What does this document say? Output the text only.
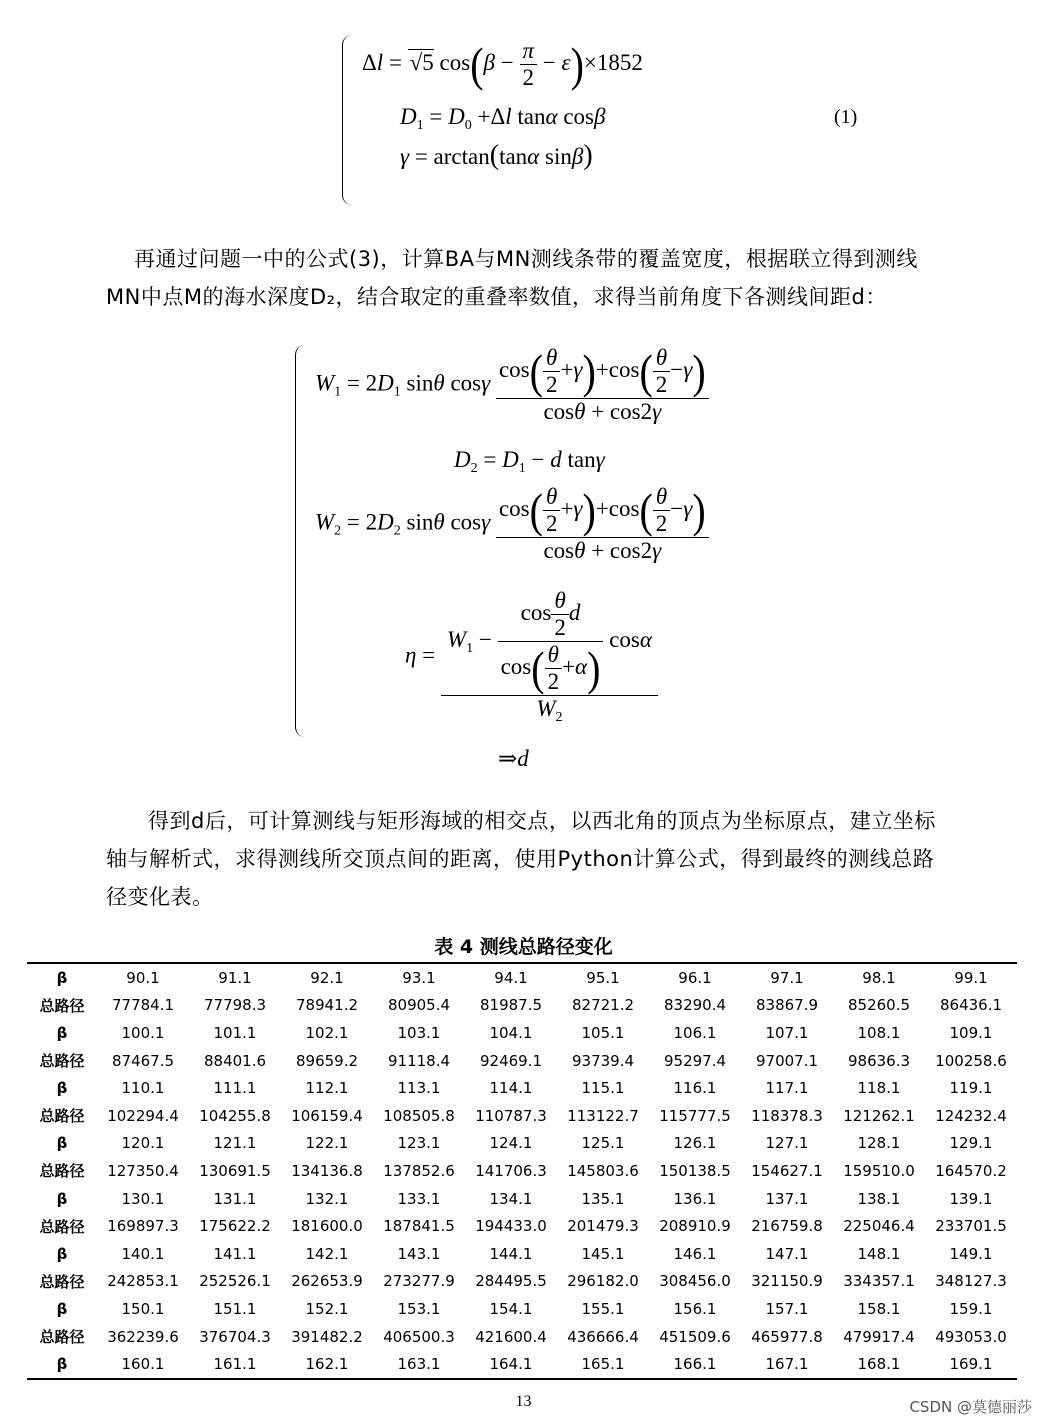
Δl = √5 $\cos(\beta - \frac{\pi}{2} - \varepsilon)\times 1852$
$D_1 = D_0 +\Delta l$ tanα cosβ
γ = arctan(tanα sinβ)
(1)
再通过问题一中的公式(3)，计算BA与MN测线条带的覆盖宽度，根据联立得到测线MN中点M的海水深度D₂，结合取定的重叠率数值，求得当前角度下各测线间距d：
$W_1 = 2D_1$ sinθ cosγ $\frac{\cos( \frac{\theta}{2} +\gamma)+\cos( \frac{\theta}{2} -\gamma)}{\cos\theta + \cos 2\gamma}$
$D_2 = D_1 - d$ tanγ
$W_2 = 2D_2$ sinθ cosγ $\frac{\cos( \frac{\theta}{2} +\gamma)+\cos( \frac{\theta}{2} -\gamma)}{\cos\theta + \cos 2\gamma}$
$\eta = \frac{W_1 - \frac{\cos \frac{\theta}{2} d}{\cos( \frac{\theta}{2} +\alpha)} \cos\alpha}{W_2}$
⇒d
得到d后，可计算测线与矩形海域的相交点，以西北角的顶点为坐标原点，建立坐标轴与解析式，求得测线所交顶点间的距离，使用Python计算公式，得到最终的测线总路径变化表。
表 4 测线总路径变化
β	90.1	91.1	92.1	93.1	94.1	95.1	96.1	97.1	98.1	99.1
总路径	77784.1	77798.3	78941.2	80905.4	81987.5	82721.2	83290.4	83867.9	85260.5	86436.1
β	100.1	101.1	102.1	103.1	104.1	105.1	106.1	107.1	108.1	109.1
总路径	87467.5	88401.6	89659.2	91118.4	92469.1	93739.4	95297.4	97007.1	98636.3	100258.6
β	110.1	111.1	112.1	113.1	114.1	115.1	116.1	117.1	118.1	119.1
总路径	102294.4	104255.8	106159.4	108505.8	110787.3	113122.7	115777.5	118378.3	121262.1	124232.4
β	120.1	121.1	122.1	123.1	124.1	125.1	126.1	127.1	128.1	129.1
总路径	127350.4	130691.5	134136.8	137852.6	141706.3	145803.6	150138.5	154627.1	159510.0	164570.2
β	130.1	131.1	132.1	133.1	134.1	135.1	136.1	137.1	138.1	139.1
总路径	169897.3	175622.2	181600.0	187841.5	194433.0	201479.3	208910.9	216759.8	225046.4	233701.5
β	140.1	141.1	142.1	143.1	144.1	145.1	146.1	147.1	148.1	149.1
总路径	242853.1	252526.1	262653.9	273277.9	284495.5	296182.0	308456.0	321150.9	334357.1	348127.3
β	150.1	151.1	152.1	153.1	154.1	155.1	156.1	157.1	158.1	159.1
总路径	362239.6	376704.3	391482.2	406500.3	421600.4	436666.4	451509.6	465977.8	479917.4	493053.0
β	160.1	161.1	162.1	163.1	164.1	165.1	166.1	167.1	168.1	169.1
13	CSDN @莫德丽莎
